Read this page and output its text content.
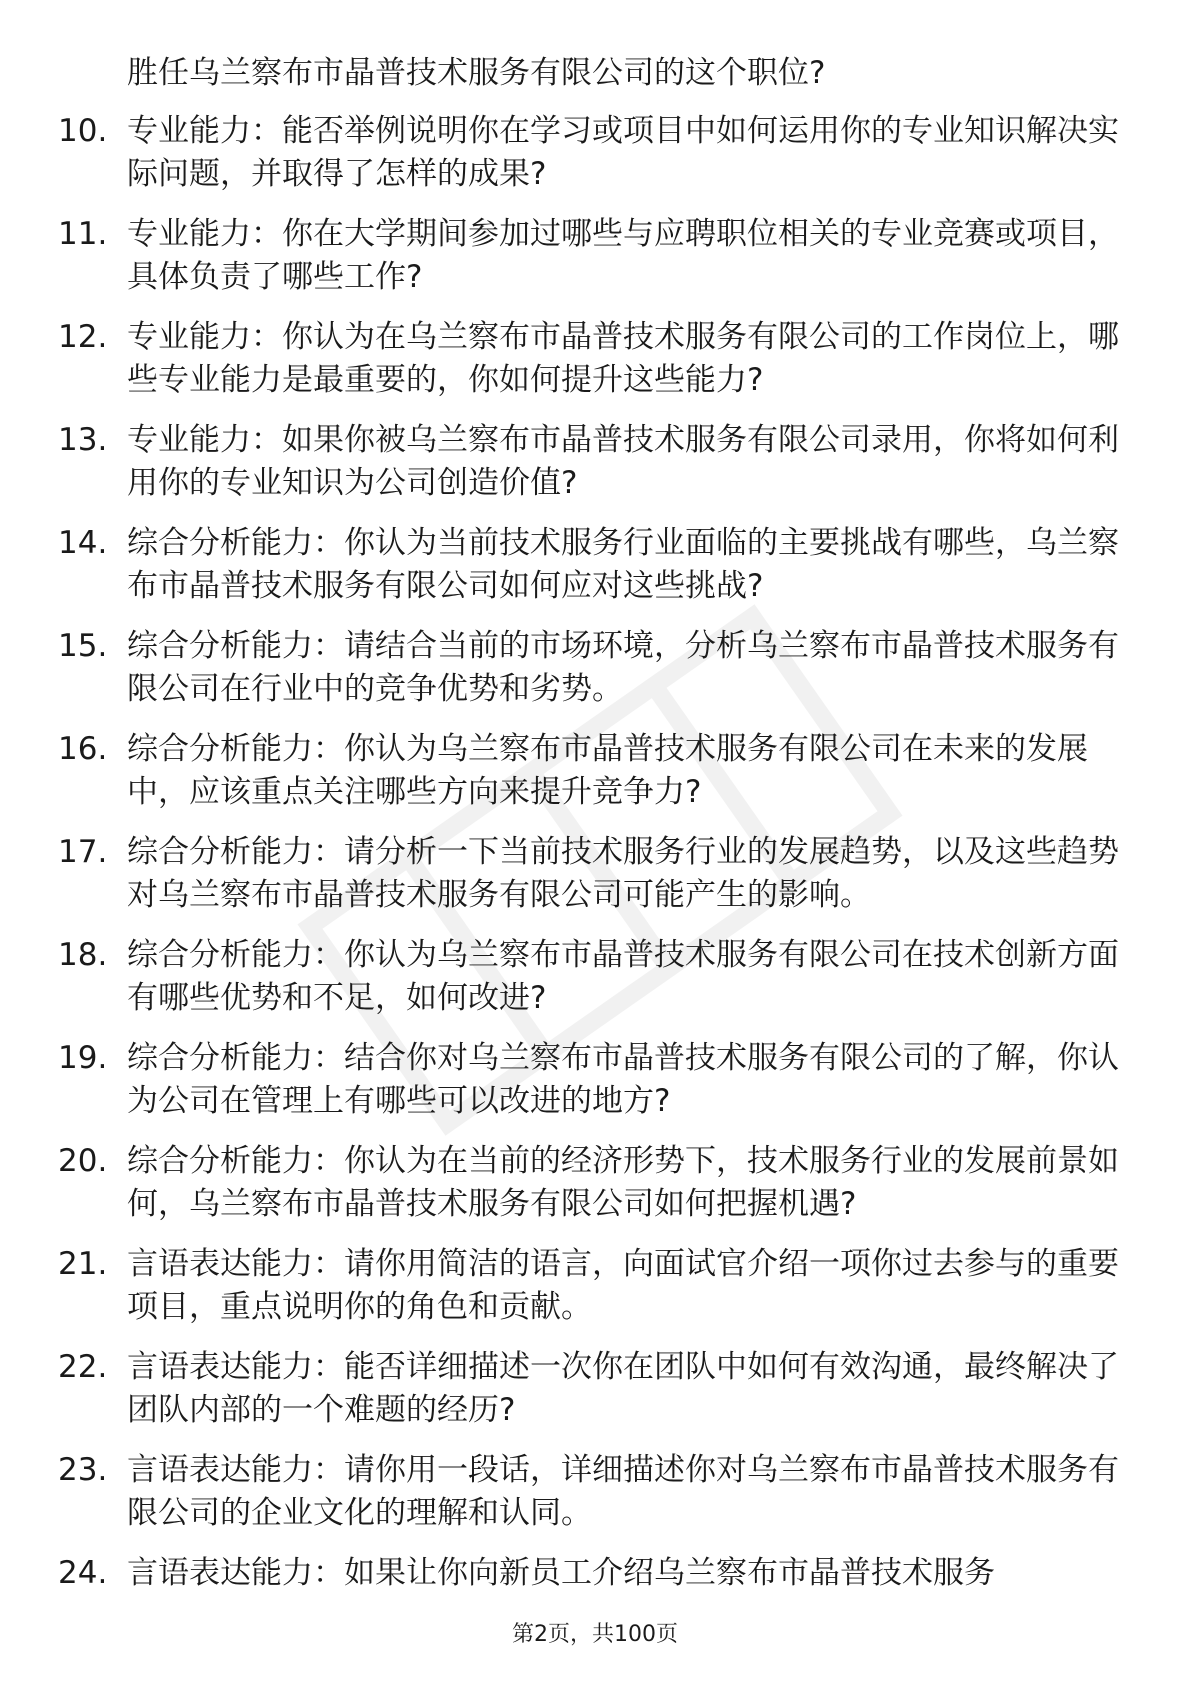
胜任乌兰察布市晶普技术服务有限公司的这个职位?
10. 专业能力：能否举例说明你在学习或项目中如何运用你的专业知识解决实际问题，并取得了怎样的成果?
11. 专业能力：你在大学期间参加过哪些与应聘职位相关的专业竞赛或项目，具体负责了哪些工作?
12. 专业能力：你认为在乌兰察布市晶普技术服务有限公司的工作岗位上，哪些专业能力是最重要的，你如何提升这些能力?
13. 专业能力：如果你被乌兰察布市晶普技术服务有限公司录用，你将如何利用你的专业知识为公司创造价值?
14. 综合分析能力：你认为当前技术服务行业面临的主要挑战有哪些，乌兰察布市晶普技术服务有限公司如何应对这些挑战?
15. 综合分析能力：请结合当前的市场环境，分析乌兰察布市晶普技术服务有限公司在行业中的竞争优势和劣势。
16. 综合分析能力：你认为乌兰察布市晶普技术服务有限公司在未来的发展中，应该重点关注哪些方向来提升竞争力?
17. 综合分析能力：请分析一下当前技术服务行业的发展趋势，以及这些趋势对乌兰察布市晶普技术服务有限公司可能产生的影响。
18. 综合分析能力：你认为乌兰察布市晶普技术服务有限公司在技术创新方面有哪些优势和不足，如何改进?
19. 综合分析能力：结合你对乌兰察布市晶普技术服务有限公司的了解，你认为公司在管理上有哪些可以改进的地方?
20. 综合分析能力：你认为在当前的经济形势下，技术服务行业的发展前景如何，乌兰察布市晶普技术服务有限公司如何把握机遇?
21. 言语表达能力：请你用简洁的语言，向面试官介绍一项你过去参与的重要项目，重点说明你的角色和贡献。
22. 言语表达能力：能否详细描述一次你在团队中如何有效沟通，最终解决了团队内部的一个难题的经历?
23. 言语表达能力：请你用一段话，详细描述你对乌兰察布市晶普技术服务有限公司的企业文化的理解和认同。
24. 言语表达能力：如果让你向新员工介绍乌兰察布市晶普技术服务
第2页，共100页
